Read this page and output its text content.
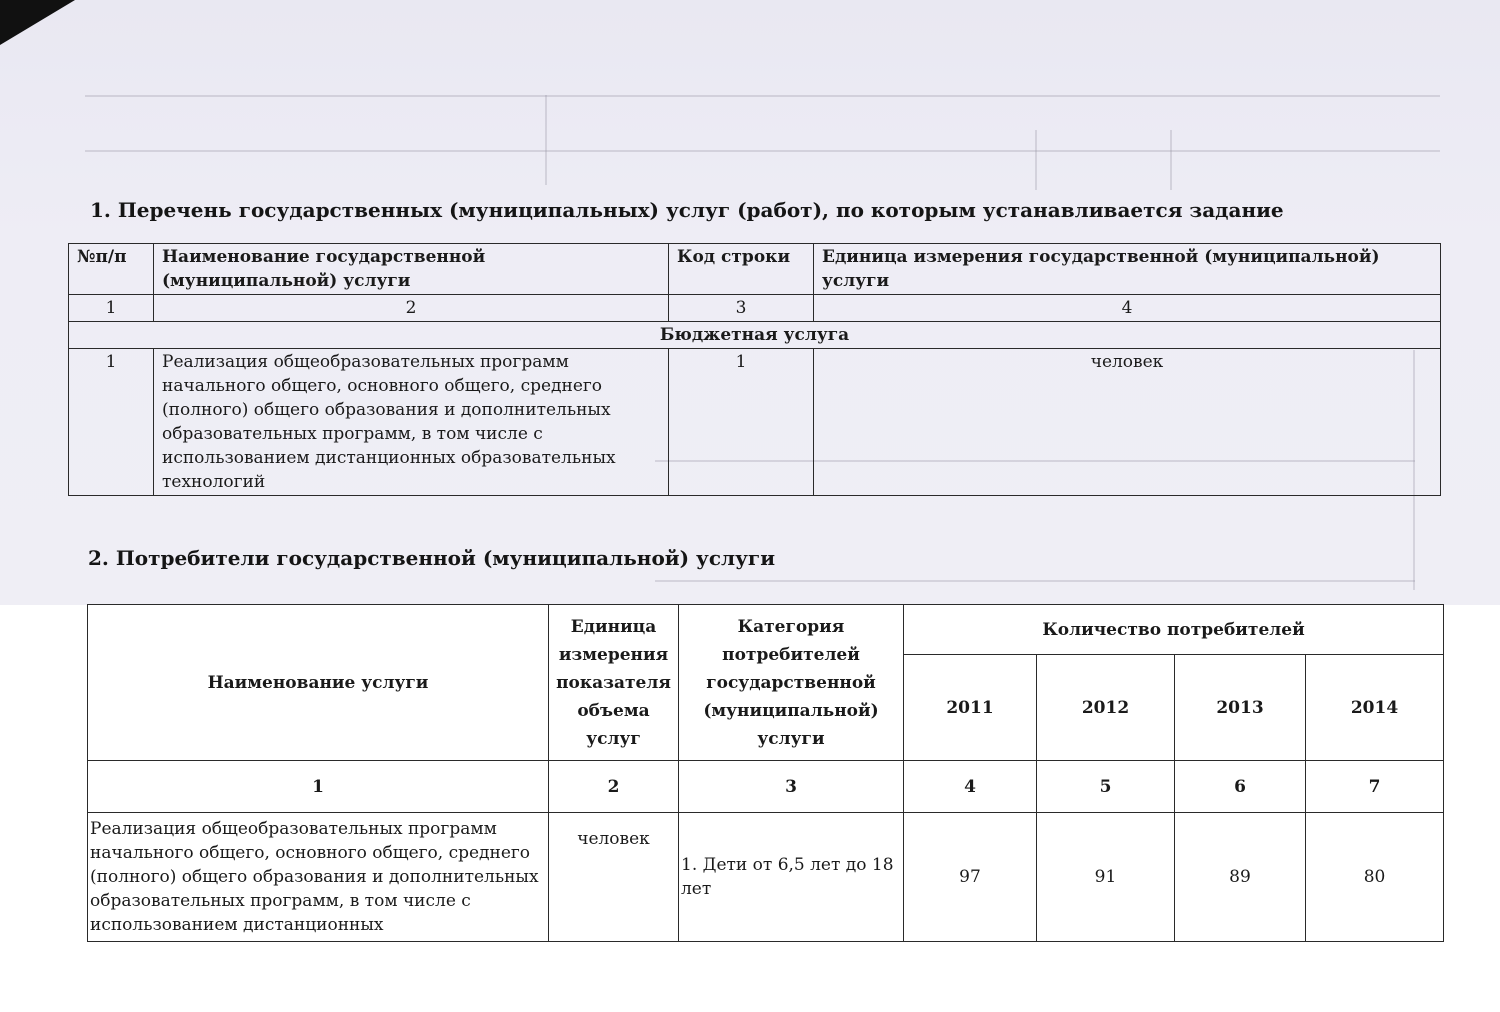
1. Перечень государственных (муниципальных) услуг (работ), по которым устанавливается задание
№п/п	Наименование государственной (муниципальной) услуги	Код строки	Единица измерения государственной (муниципальной) услуги
1	2	3	4
Бюджетная услуга			
1	Реализация общеобразовательных программ начального общего, основного общего, среднего (полного) общего образования и дополнительных образовательных программ, в том числе с использованием дистанционных образовательных технологий	1	человек
2. Потребители государственной (муниципальной) услуги
Наименование услуги	Единица измерения показателя объема услуг	Категория потребителей государственной (муниципальной) услуги	Количество потребителей			
			2011	2012	2013	2014
1	2	3	4	5	6	7
Реализация общеобразовательных программ начального общего, основного общего, среднего (полного) общего образования и дополнительных образовательных программ, в том числе с использованием дистанционных	человек	1. Дети от 6,5 лет до 18 лет	97	91	89	80
